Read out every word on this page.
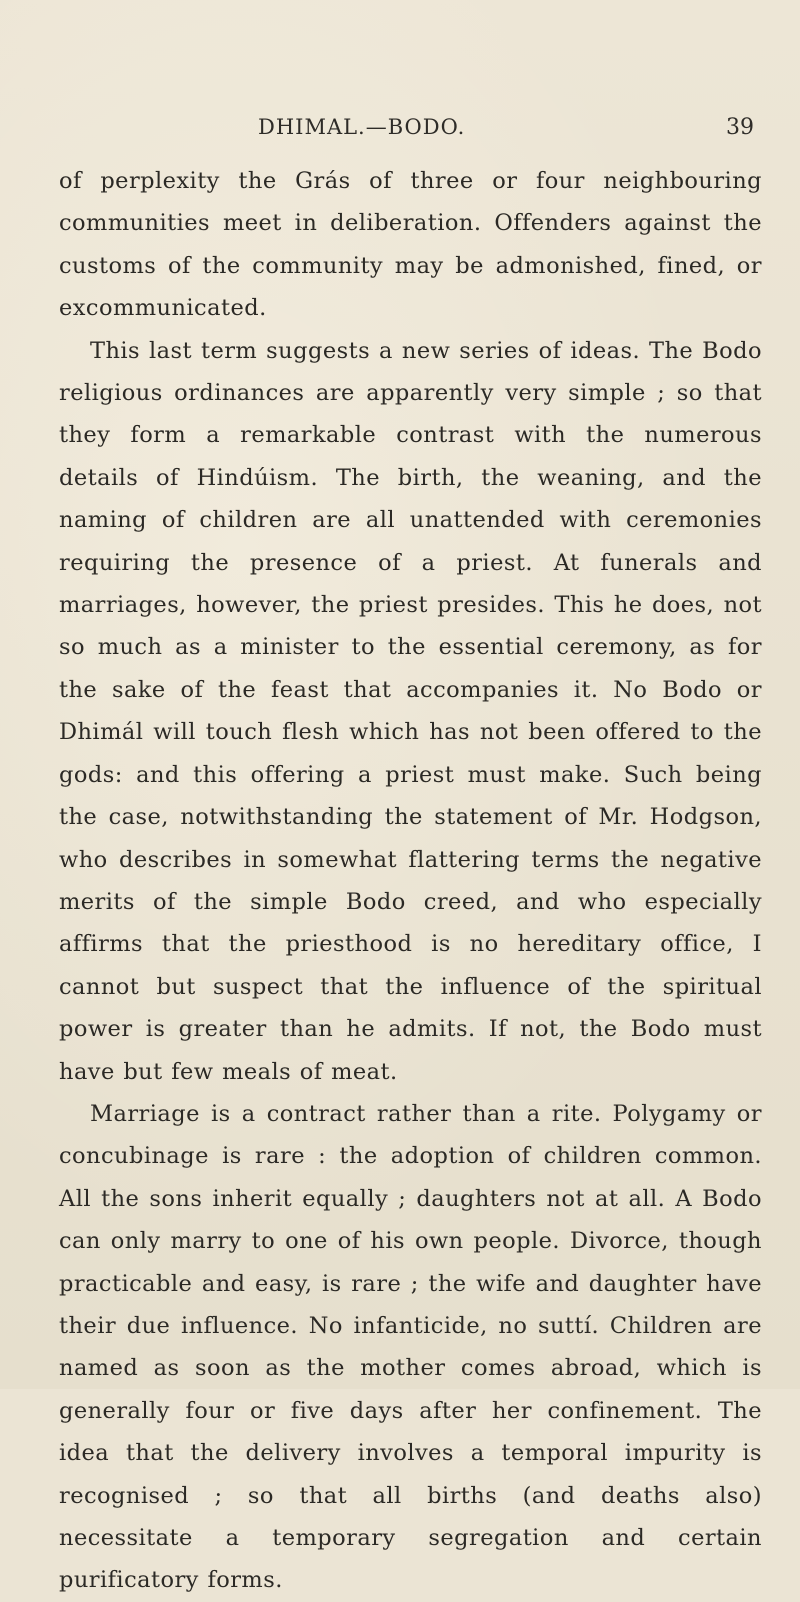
DHIMAL.—BODO.	39

of perplexity the Grás of three or four neighbouring communities meet in deliberation. Offenders against the customs of the community may be admonished, fined, or excommunicated.

This last term suggests a new series of ideas. The Bodo religious ordinances are apparently very simple ; so that they form a remarkable contrast with the numerous details of Hindúism. The birth, the weaning, and the naming of children are all unattended with ceremonies requiring the presence of a priest. At funerals and marriages, however, the priest presides. This he does, not so much as a minister to the essential ceremony, as for the sake of the feast that accompanies it. No Bodo or Dhimál will touch flesh which has not been offered to the gods: and this offering a priest must make. Such being the case, notwithstanding the statement of Mr. Hodgson, who describes in somewhat flattering terms the negative merits of the simple Bodo creed, and who especially affirms that the priesthood is no hereditary office, I cannot but suspect that the influence of the spiritual power is greater than he admits. If not, the Bodo must have but few meals of meat.

Marriage is a contract rather than a rite. Polygamy or concubinage is rare : the adoption of children common. All the sons inherit equally ; daughters not at all. A Bodo can only marry to one of his own people. Divorce, though practicable and easy, is rare ; the wife and daughter have their due influence. No infanticide, no suttí. Children are named as soon as the mother comes abroad, which is generally four or five days after her confinement. The idea that the delivery involves a temporal impurity is recognised ; so that all births (and deaths also) necessitate a temporary segregation and certain purificatory forms.
